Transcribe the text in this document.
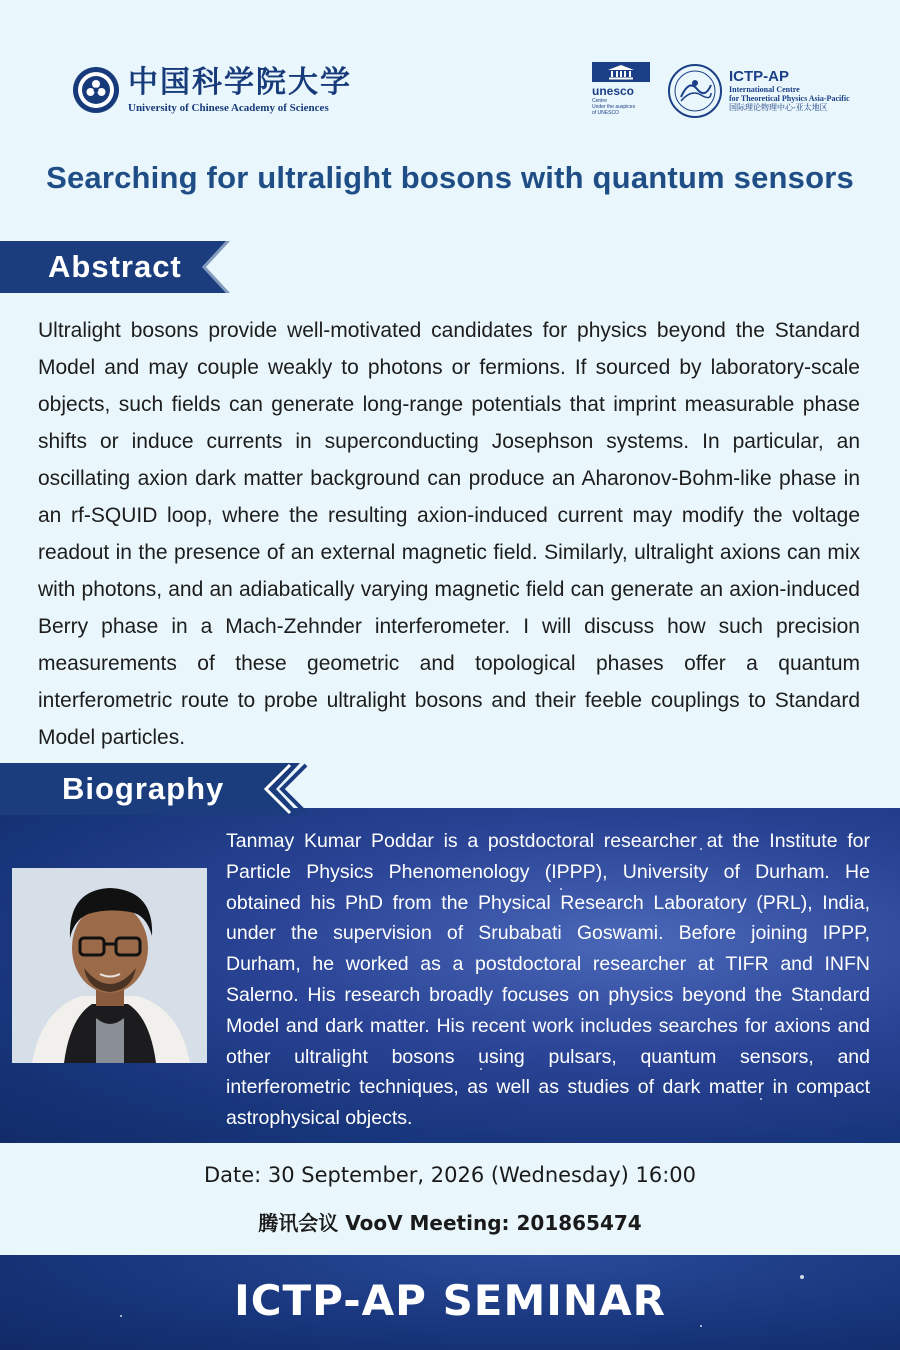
中国科学院大学
University of Chinese Academy of Sciences
unesco
Centre
Under the auspices
of UNESCO
ICTP-AP
International Centre
for Theoretical Physics Asia-Pacific
国际理论物理中心-亚太地区
Searching for ultralight bosons with quantum sensors
Abstract
Ultralight bosons provide well-motivated candidates for physics beyond the Standard Model and may couple weakly to photons or fermions. If sourced by laboratory-scale objects, such fields can generate long-range potentials that imprint measurable phase shifts or induce currents in superconducting Josephson systems. In particular, an oscillating axion dark matter background can produce an Aharonov-Bohm-like phase in an rf-SQUID loop, where the resulting axion-induced current may modify the voltage readout in the presence of an external magnetic field. Similarly, ultralight axions can mix with photons, and an adiabatically varying magnetic field can generate an axion-induced Berry phase in a Mach-Zehnder interferometer. I will discuss how such precision measurements of these geometric and topological phases offer a quantum interferometric route to probe ultralight bosons and their feeble couplings to Standard Model particles.
Biography
Tanmay Kumar Poddar is a postdoctoral researcher at the Institute for Particle Physics Phenomenology (IPPP), University of Durham. He obtained his PhD from the Physical Research Laboratory (PRL), India, under the supervision of Srubabati Goswami. Before joining IPPP, Durham, he worked as a postdoctoral researcher at TIFR and INFN Salerno. His research broadly focuses on physics beyond the Standard Model and dark matter. His recent work includes searches for axions and other ultralight bosons using pulsars, quantum sensors, and interferometric techniques, as well as studies of dark matter in compact astrophysical objects.
Date: 30 September, 2026 (Wednesday) 16:00
腾讯会议 VooV Meeting: 201865474
ICTP-AP SEMINAR
